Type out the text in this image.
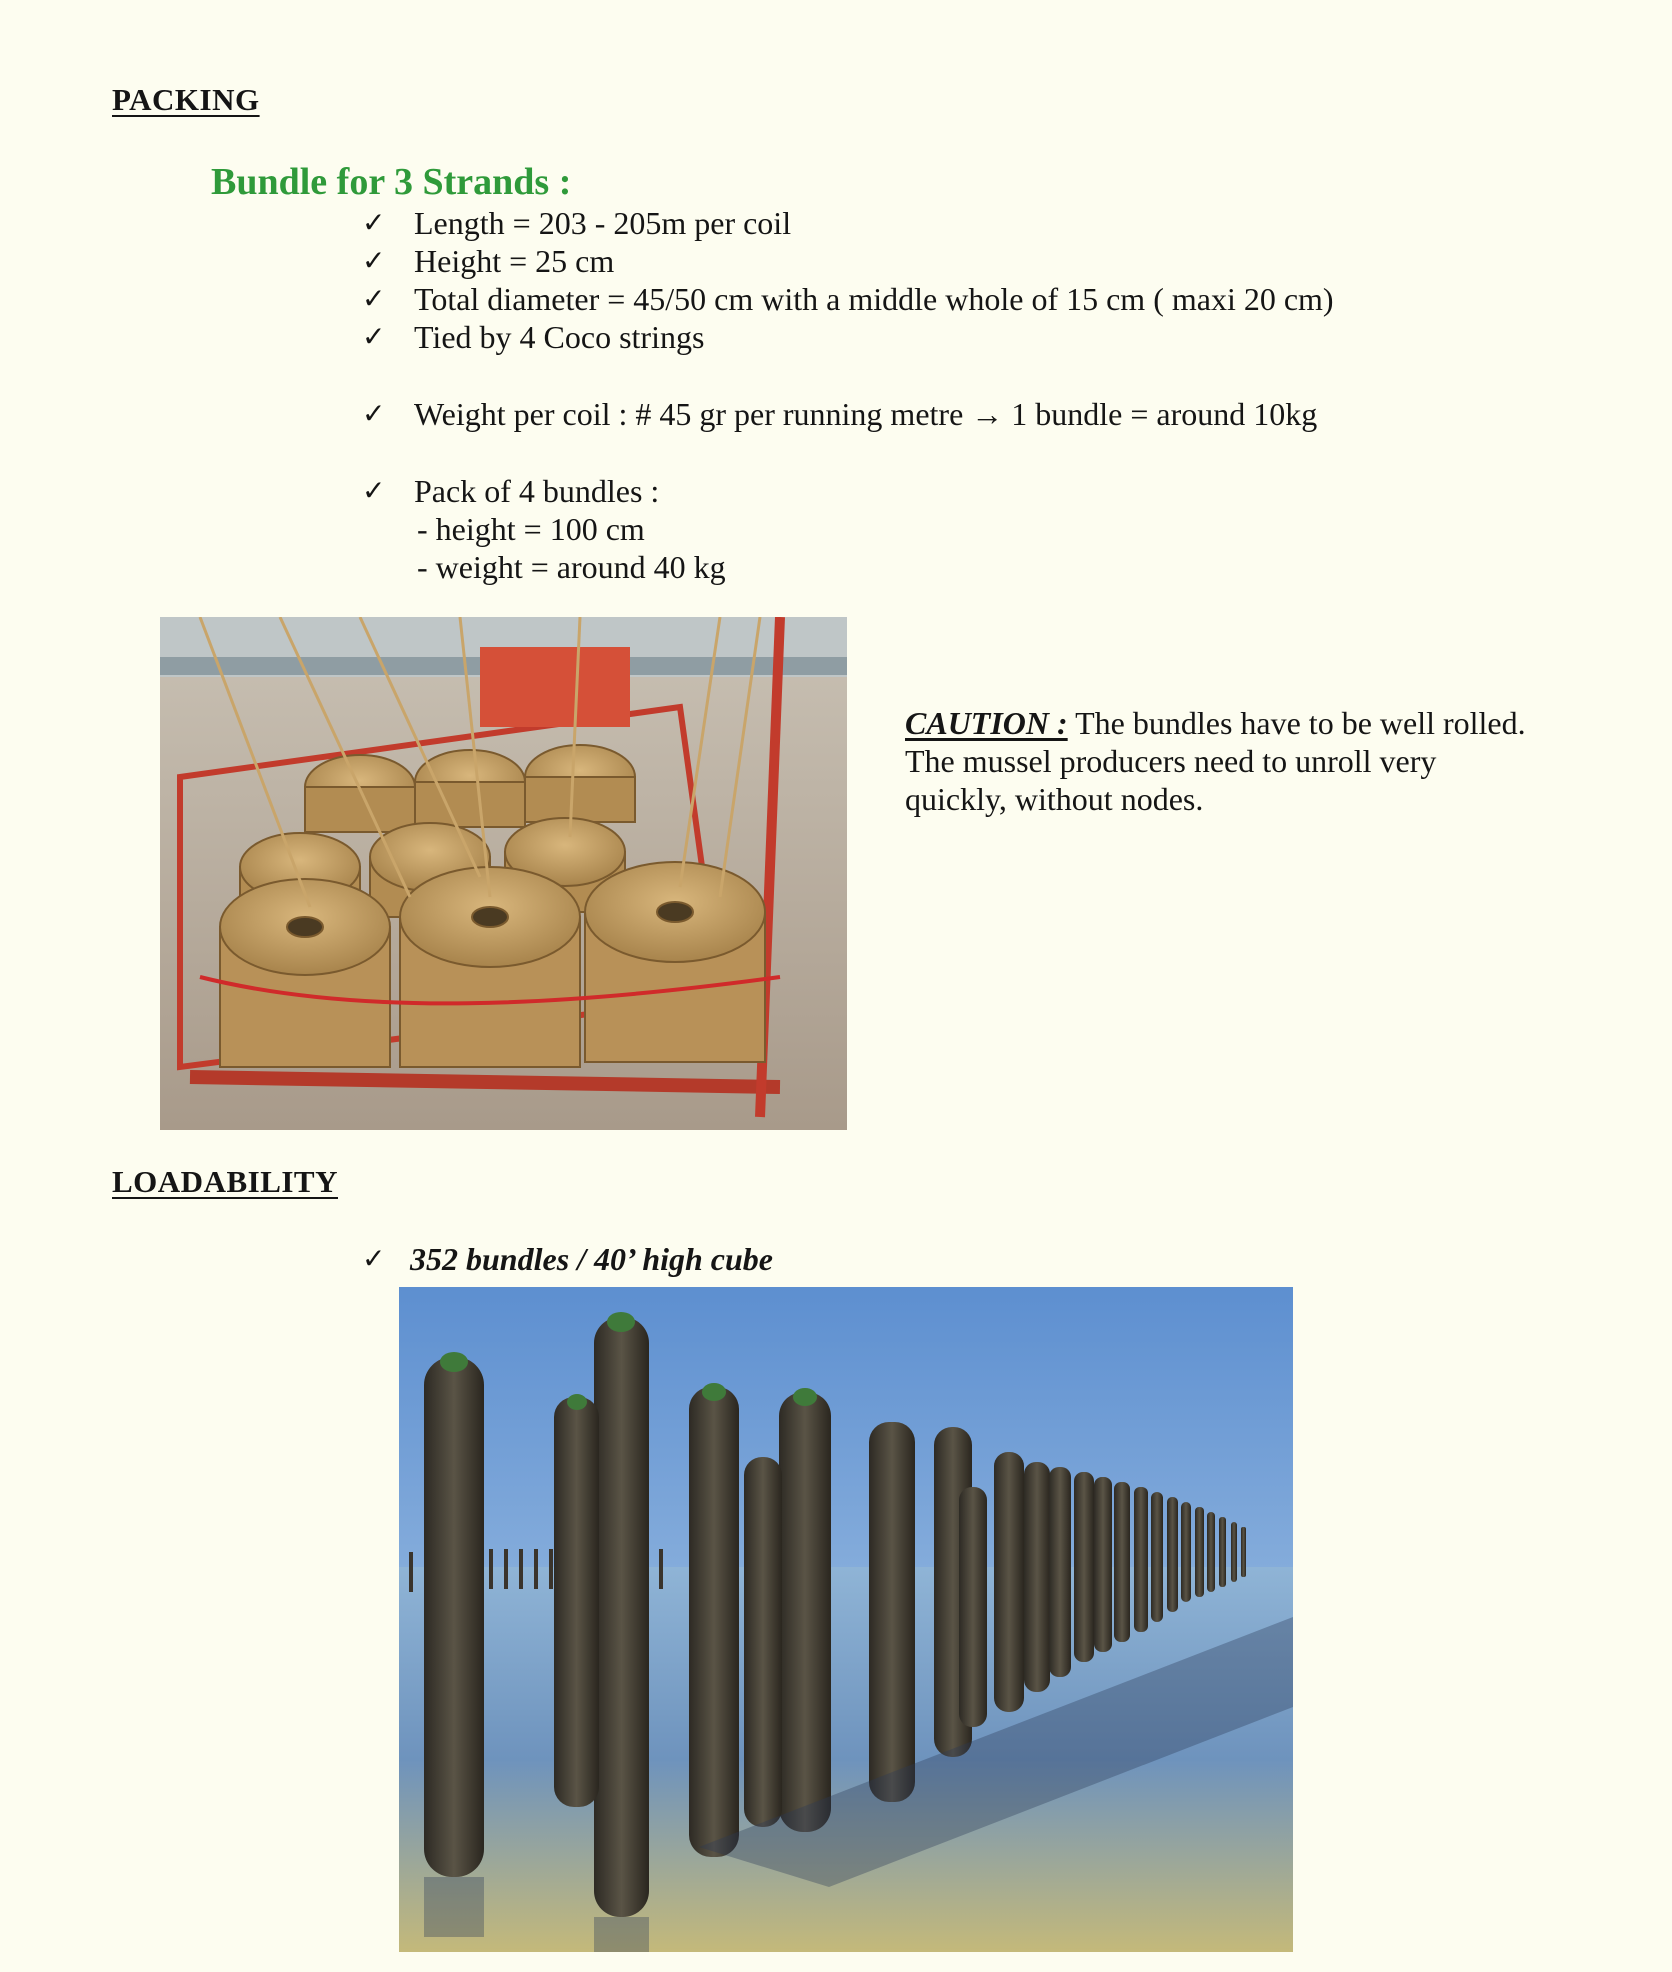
PACKING
Bundle for 3 Strands :
✓ Length = 203 - 205m per coil
✓ Height = 25 cm
✓ Total diameter = 45/50 cm with a middle whole of 15 cm ( maxi 20 cm)
✓ Tied by 4 Coco strings
✓ Weight per coil : # 45 gr per running metre → 1 bundle = around 10kg
✓ Pack of 4 bundles :
- height = 100 cm
- weight = around 40 kg
CAUTION : The bundles have to be well rolled.
The mussel producers need to unroll very
quickly, without nodes.
LOADABILITY
✓ 352 bundles / 40’ high cube
